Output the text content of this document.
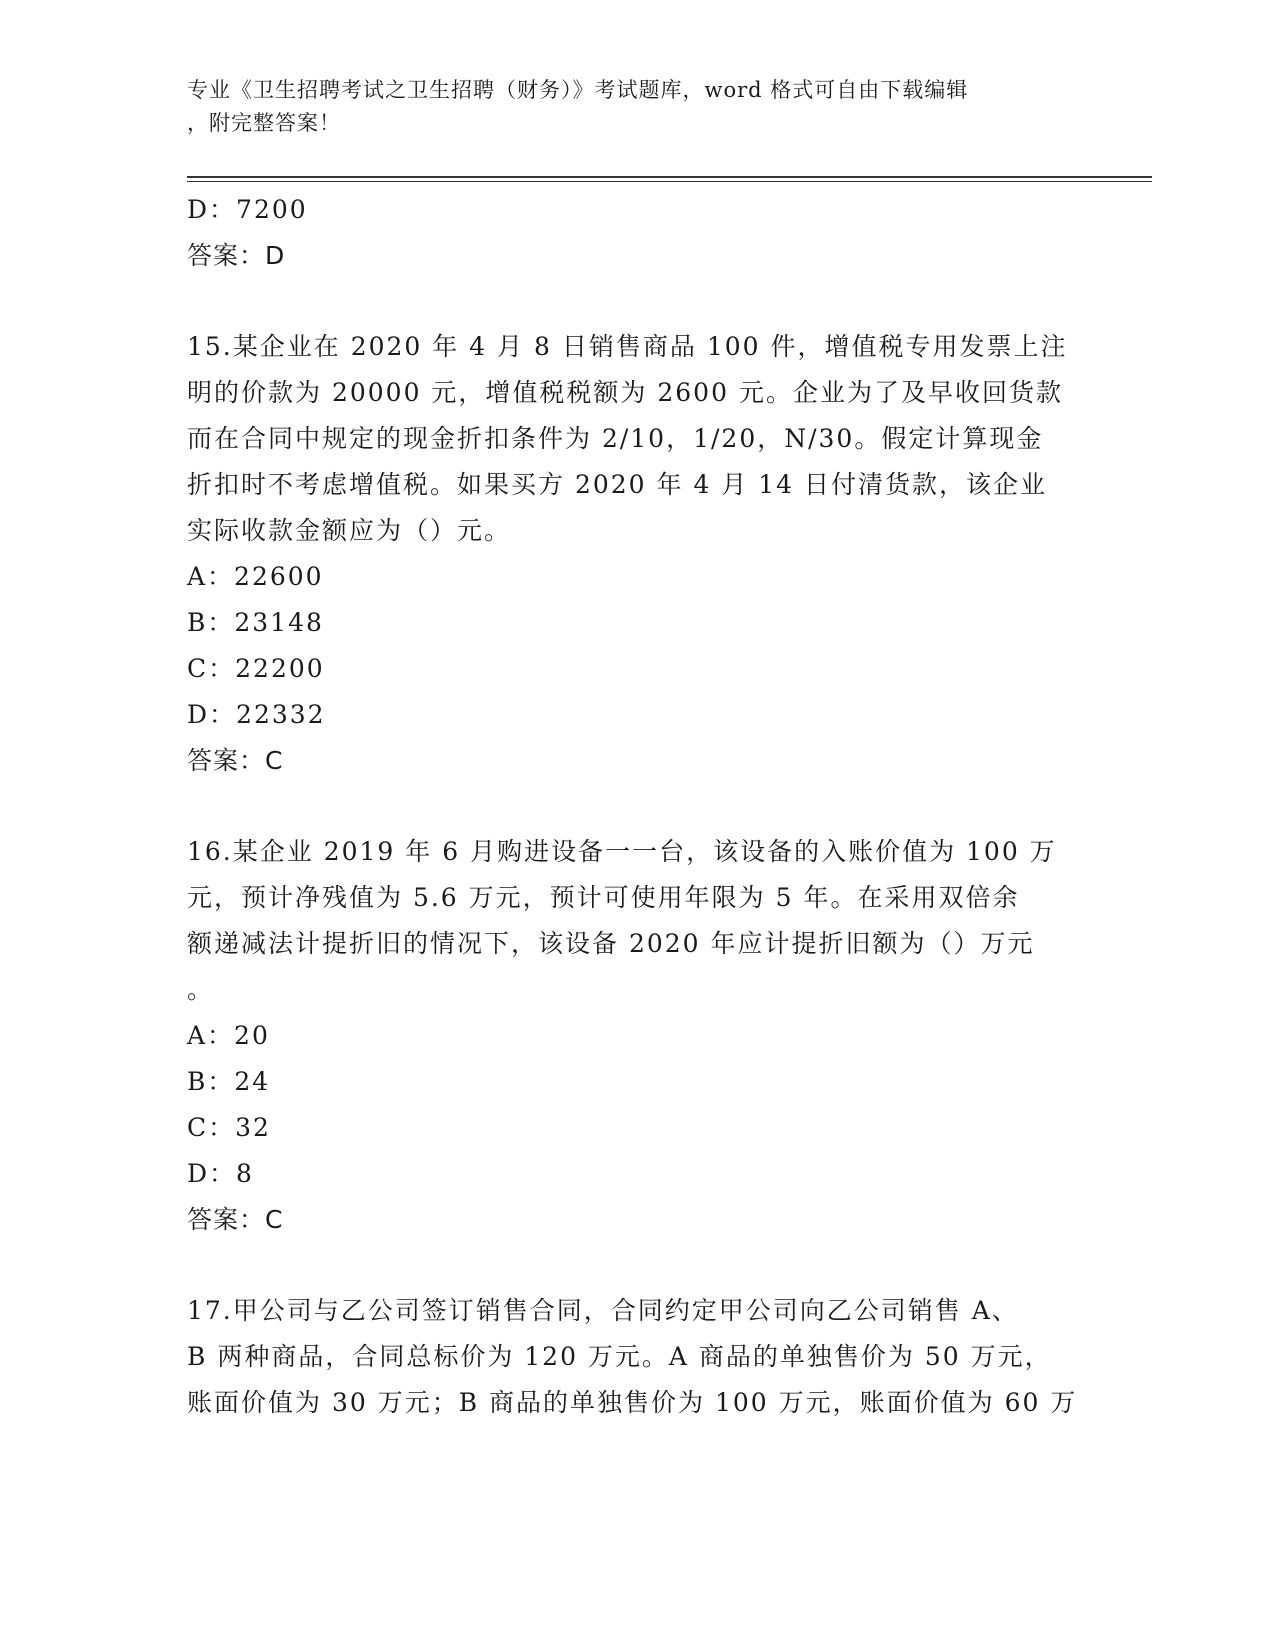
专业《卫生招聘考试之卫生招聘（财务）》考试题库，word 格式可自由下载编辑
，附完整答案！
D：7200
答案：D
15.某企业在 2020 年 4 月 8 日销售商品 100 件，增值税专用发票上注
明的价款为 20000 元，增值税税额为 2600 元。企业为了及早收回货款
而在合同中规定的现金折扣条件为 2/10，1/20，N/30。假定计算现金
折扣时不考虑增值税。如果买方 2020 年 4 月 14 日付清货款，该企业
实际收款金额应为（）元。
A：22600
B：23148
C：22200
D：22332
答案：C
16.某企业 2019 年 6 月购进设备一一台，该设备的入账价值为 100 万
元，预计净残值为 5.6 万元，预计可使用年限为 5 年。在采用双倍余
额递减法计提折旧的情况下，该设备 2020 年应计提折旧额为（）万元
。
A：20
B：24
C：32
D：8
答案：C
17.甲公司与乙公司签订销售合同，合同约定甲公司向乙公司销售 A、
B 两种商品，合同总标价为 120 万元。A 商品的单独售价为 50 万元，
账面价值为 30 万元；B 商品的单独售价为 100 万元，账面价值为 60 万
